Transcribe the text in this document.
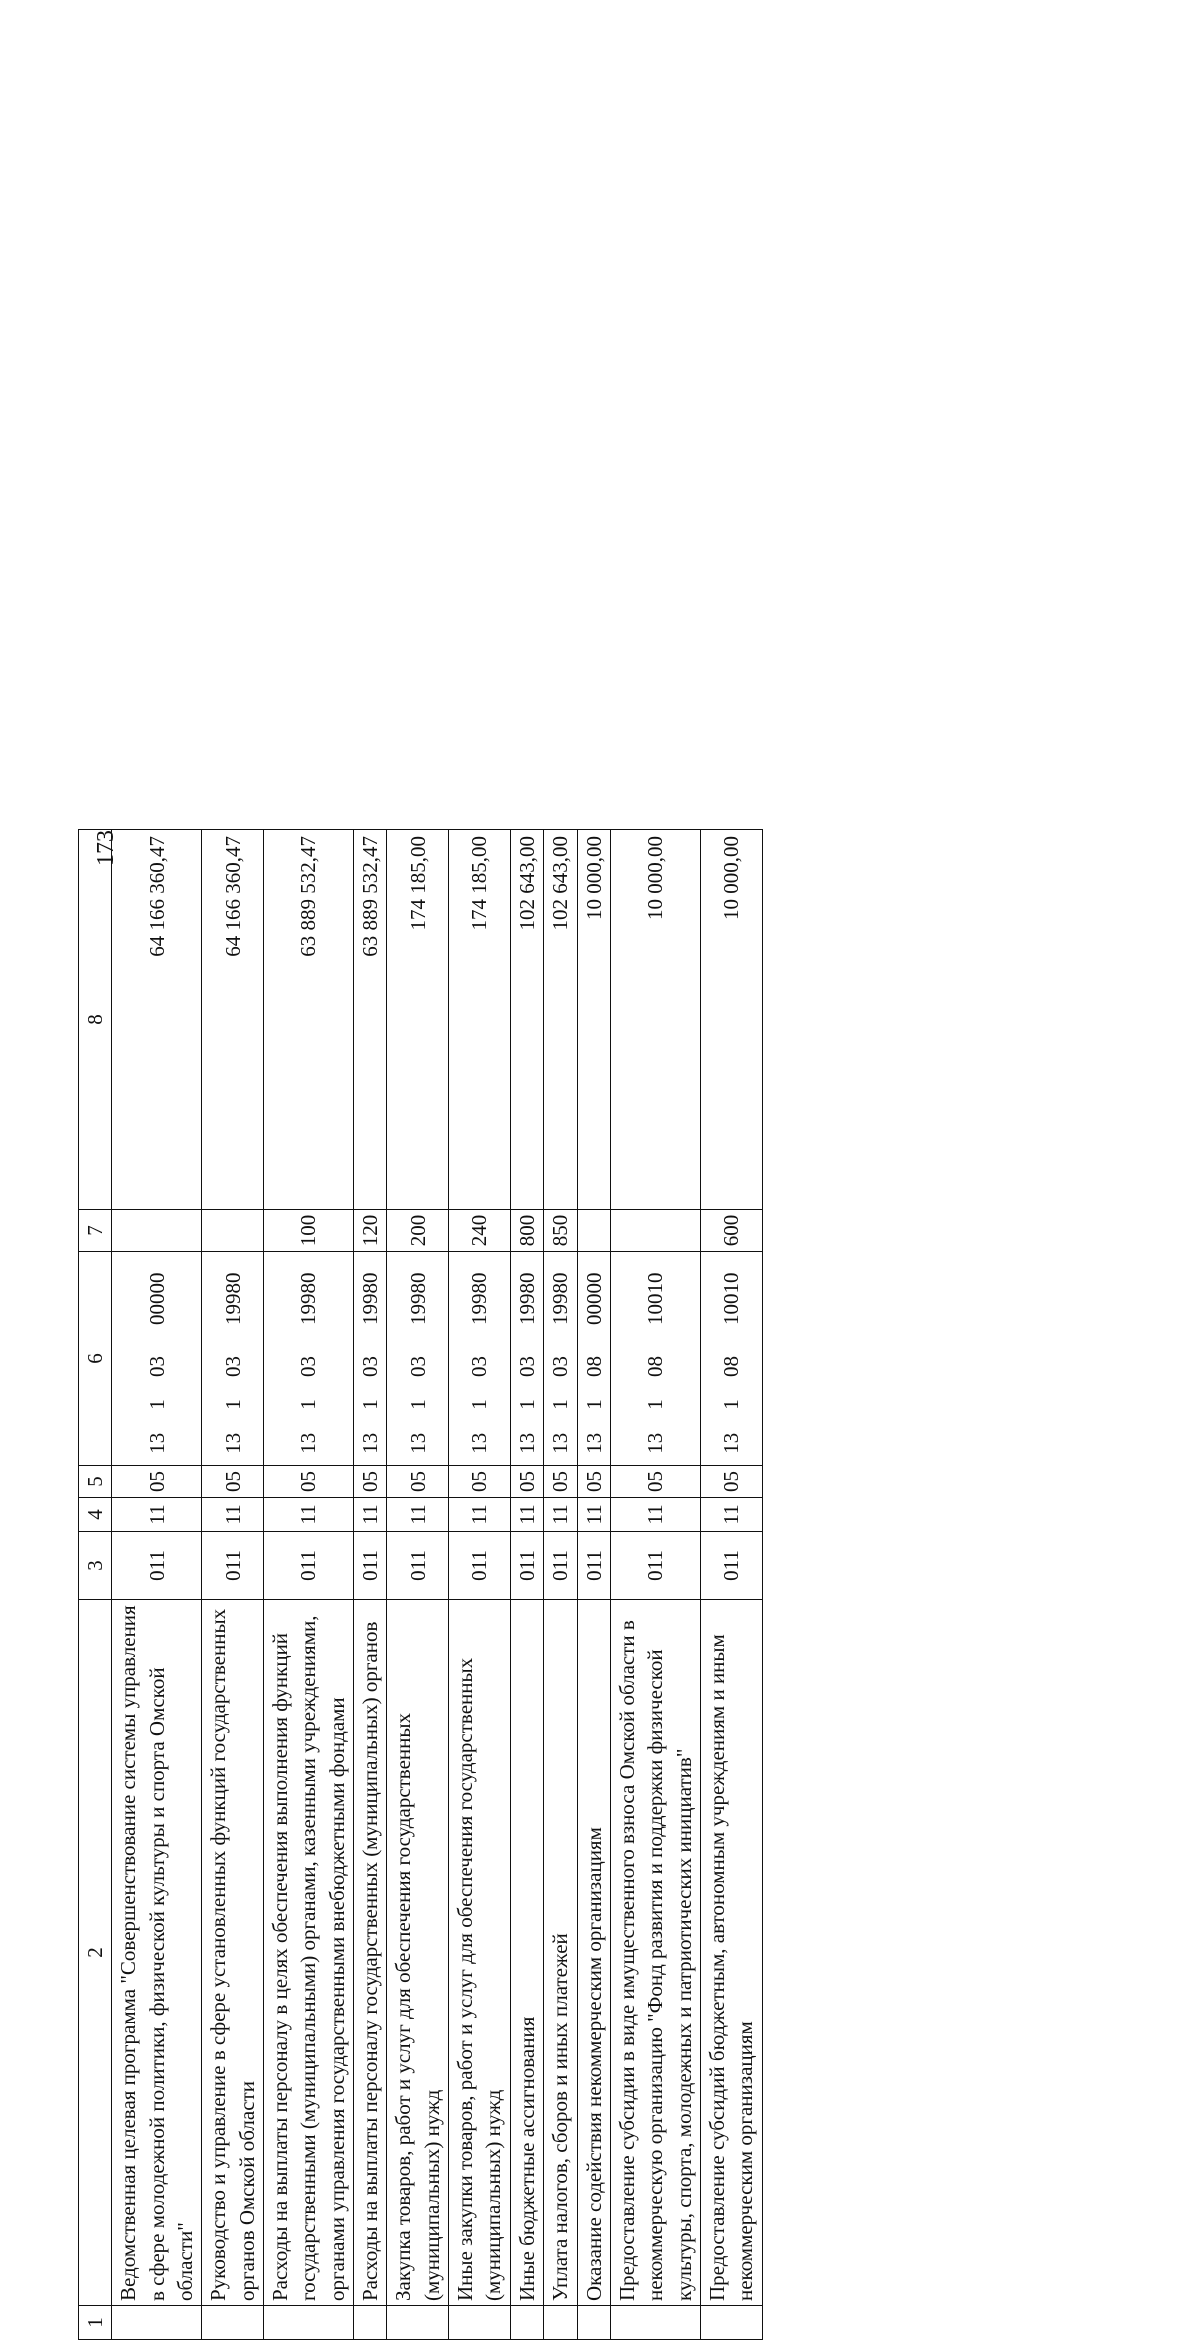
173
1	2	3	4	5	6				7	8
	Ведомственная целевая программа "Совершенствование системы управления в сфере молодежной политики, физической культуры и спорта Омской области"	011	11	05	13	1	03	00000		64 166 360,47
	Руководство и управление в сфере установленных функций государственных органов Омской области	011	11	05	13	1	03	19980		64 166 360,47
	Расходы на выплаты персоналу в целях обеспечения выполнения функций государственными (муниципальными) органами, казенными учреждениями, органами управления государственными внебюджетными фондами	011	11	05	13	1	03	19980	100	63 889 532,47
	Расходы на выплаты персоналу государственных (муниципальных) органов	011	11	05	13	1	03	19980	120	63 889 532,47
	Закупка товаров, работ и услуг для обеспечения государственных (муниципальных) нужд	011	11	05	13	1	03	19980	200	174 185,00
	Иные закупки товаров, работ и услуг для обеспечения государственных (муниципальных) нужд	011	11	05	13	1	03	19980	240	174 185,00
	Иные бюджетные ассигнования	011	11	05	13	1	03	19980	800	102 643,00
	Уплата налогов, сборов и иных платежей	011	11	05	13	1	03	19980	850	102 643,00
	Оказание содействия некоммерческим организациям	011	11	05	13	1	08	00000		10 000,00
	Предоставление субсидии в виде имущественного взноса Омской области в некоммерческую организацию "Фонд развития и поддержки физической культуры, спорта, молодежных и патриотических инициатив"	011	11	05	13	1	08	10010		10 000,00
	Предоставление субсидий бюджетным, автономным учреждениям и иным некоммерческим организациям	011	11	05	13	1	08	10010	600	10 000,00
